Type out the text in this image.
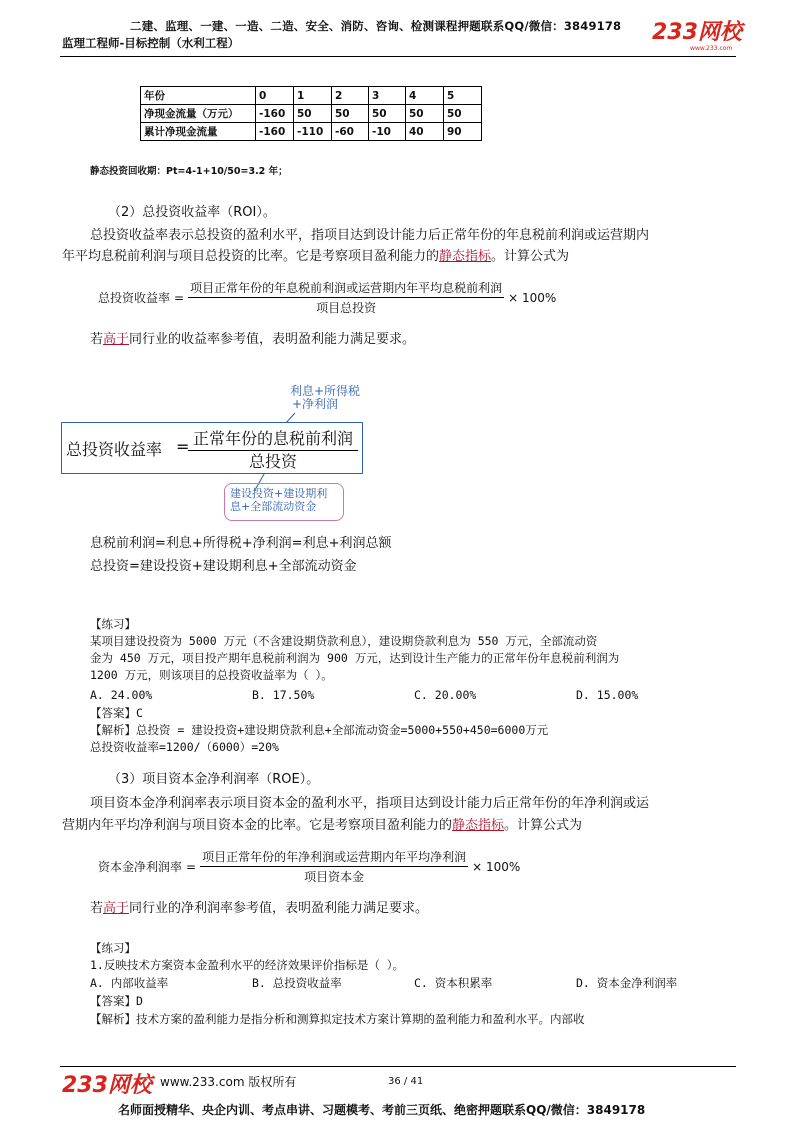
二建、监理、一建、一造、二造、安全、消防、咨询、检测课程押题联系QQ/微信：3849178
监理工程师-目标控制（水利工程）	233网校
www.233.com
年份	0	1	2	3	4	5
净现金流量（万元）	-160	50	50	50	50	50
累计净现金流量	-160	-110	-60	-10	40	90
静态投资回收期：Pt=4-1+10/50=3.2 年；
（2）总投资收益率（ROI）。
总投资收益率表示总投资的盈利水平，指项目达到设计能力后正常年份的年息税前利润或运营期内
年平均息税前利润与项目总投资的比率。它是考察项目盈利能力的静态指标。计算公式为
总投资收益率 = $\frac{\text{项目正常年份的年息税前利润或运营期内年平均息税前利润}}{\text{项目总投资}} \times 100\%$
若高于同行业的收益率参考值，表明盈利能力满足要求。
利息+所得税
+净利润
总投资收益率 = 正常年份的息税前利润
总投资
建设投资+建设期利
息+全部流动资金
息税前利润=利息+所得税+净利润=利息+利润总额
总投资=建设投资+建设期利息+全部流动资金
【练习】
某项目建设投资为 5000 万元（不含建设期贷款利息），建设期贷款利息为 550 万元，全部流动资
金为 450 万元，项目投产期年息税前利润为 900 万元，达到设计生产能力的正常年份年息税前利润为
1200 万元，则该项目的总投资收益率为（ ）。
A. 24.00%	B. 17.50%	C. 20.00%	D. 15.00%
【答案】C
【解析】总投资 = 建设投资+建设期贷款利息+全部流动资金=5000+550+450=6000万元
总投资收益率=1200/（6000）=20%
（3）项目资本金净利润率（ROE）。
项目资本金净利润率表示项目资本金的盈利水平，指项目达到设计能力后正常年份的年净利润或运
营期内年平均净利润与项目资本金的比率。它是考察项目盈利能力的静态指标。计算公式为
资本金净利润率 = $\frac{\text{项目正常年份的年净利润或运营期内年平均净利润}}{\text{项目资本金}} \times 100\%$
若高于同行业的净利润率参考值，表明盈利能力满足要求。
【练习】
1.反映技术方案资本金盈利水平的经济效果评价指标是（ ）。
A. 内部收益率	B. 总投资收益率	C. 资本积累率	D. 资本金净利润率
【答案】D
【解析】技术方案的盈利能力是指分析和测算拟定技术方案计算期的盈利能力和盈利水平。内部收
233网校 www.233.com 版权所有	36 / 41
名师面授精华、央企内训、考点串讲、习题模考、考前三页纸、绝密押题联系QQ/微信：3849178
